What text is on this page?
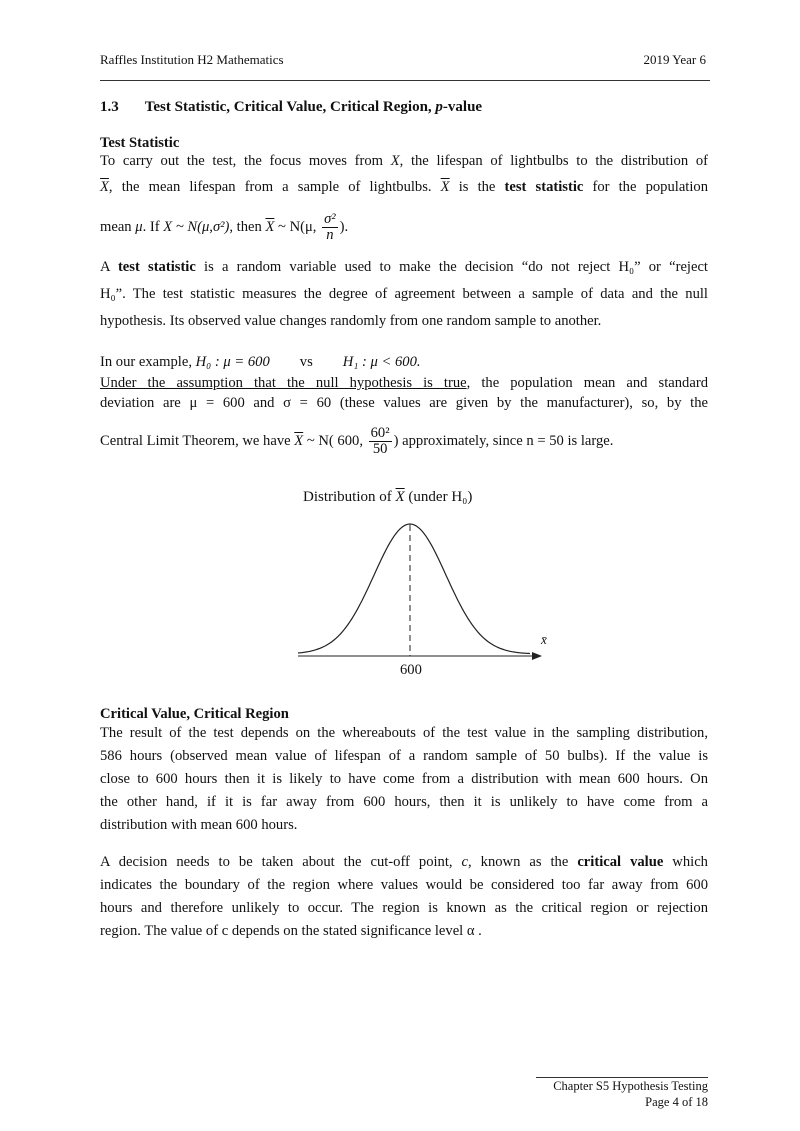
Raffles Institution H2 Mathematics	2019 Year 6
1.3 Test Statistic, Critical Value, Critical Region, p-value
Test Statistic
To carry out the test, the focus moves from X, the lifespan of lightbulbs to the distribution of
$\overline{X}$, the mean lifespan from a sample of lightbulbs. $\overline{X}$ is the test statistic for the population
mean μ. If X ~ N(μ,σ²), then $\overline{X}$ ~ N(μ, $\frac{\text{σ²}}{n}$ ).
A test statistic is a random variable used to make the decision “do not reject H₀” or “reject
H₀”. The test statistic measures the degree of agreement between a sample of data and the null
hypothesis. Its observed value changes randomly from one random sample to another.
In our example, H₀ : μ = 600 vs H₁ : μ < 600.
Under the assumption that the null hypothesis is true, the population mean and standard
deviation are μ = 600 and σ = 60 (these values are given by the manufacturer), so, by the
Central Limit Theorem, we have $\overline{X}$ ~ N( 600, $\frac{\text{60²}}{50}$ ) approximately, since n = 50 is large.
Distribution of $\overline{X}$ (under H₀)
600
x̄
Critical Value, Critical Region
The result of the test depends on the whereabouts of the test value in the sampling distribution,
586 hours (observed mean value of lifespan of a random sample of 50 bulbs). If the value is
close to 600 hours then it is likely to have come from a distribution with mean 600 hours. On
the other hand, if it is far away from 600 hours, then it is unlikely to have come from a
distribution with mean 600 hours.
A decision needs to be taken about the cut-off point, c, known as the critical value which
indicates the boundary of the region where values would be considered too far away from 600
hours and therefore unlikely to occur. The region is known as the critical region or rejection
region. The value of c depends on the stated significance level α .
Chapter S5 Hypothesis Testing
Page 4 of 18
